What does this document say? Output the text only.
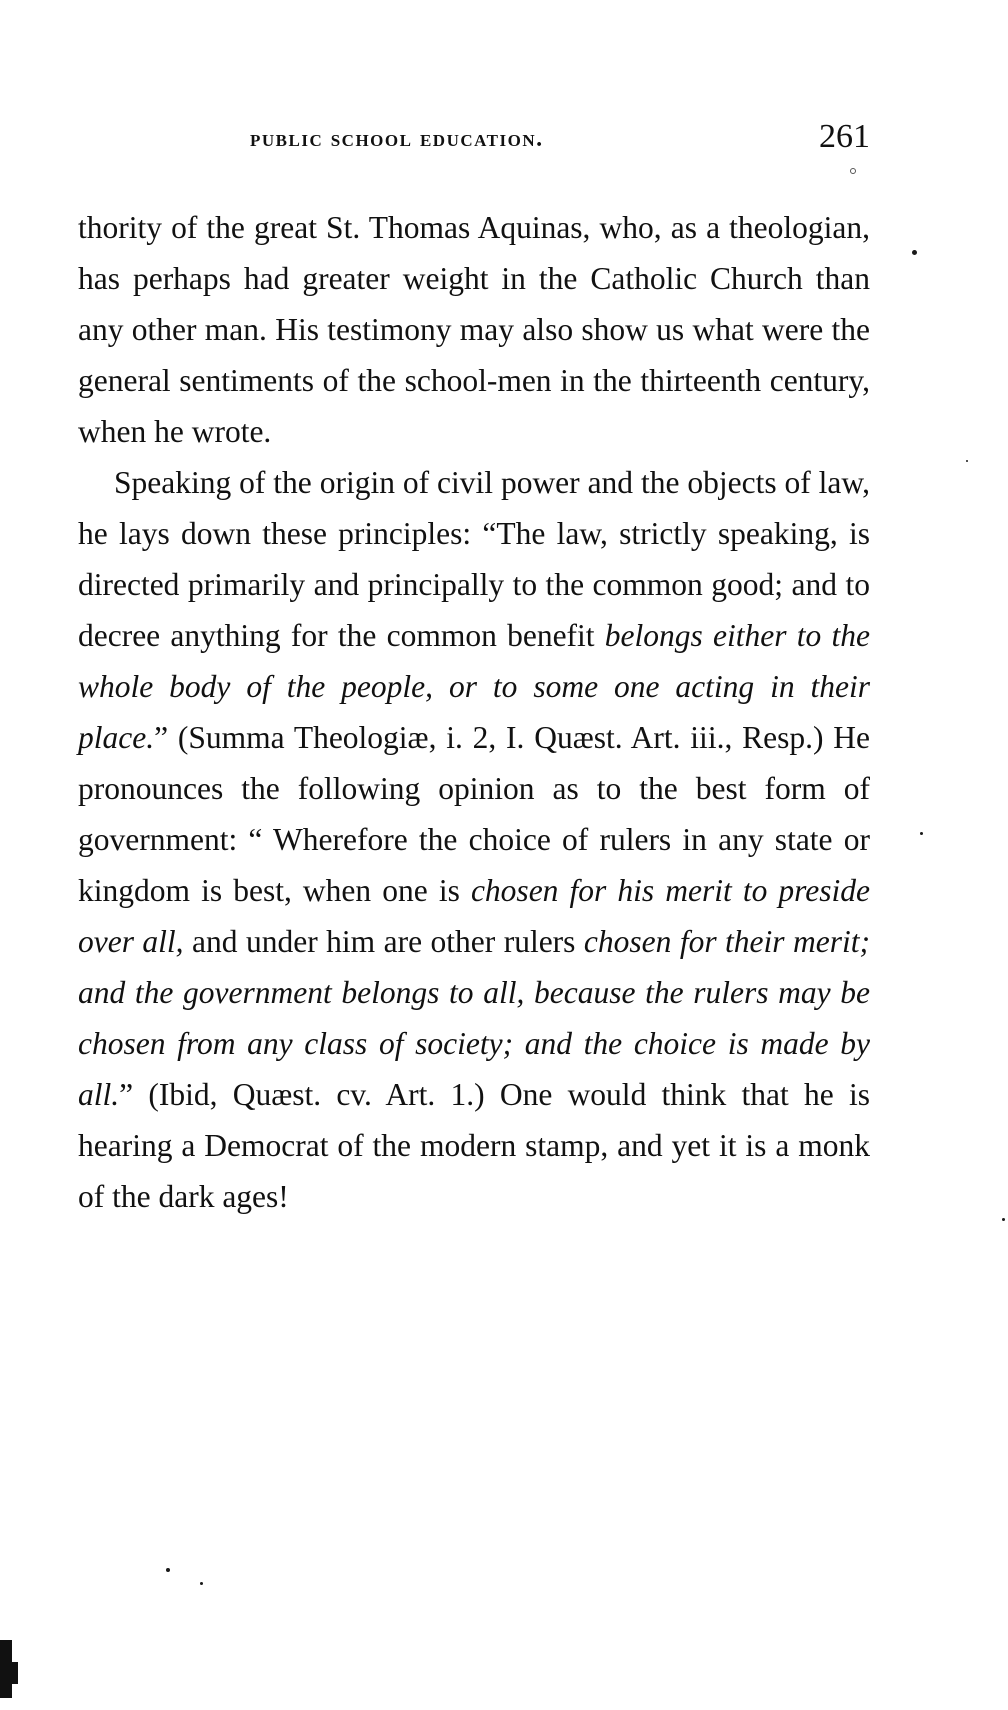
public school education.	261

thority of the great St. Thomas Aquinas, who, as a theologian, has perhaps had greater weight in the Catholic Church than any other man. His testimony may also show us what were the general sentiments of the school-men in the thirteenth century, when he wrote.

Speaking of the origin of civil power and the objects of law, he lays down these principles: “The law, strictly speaking, is directed primarily and principally to the common good; and to decree anything for the common benefit belongs either to the whole body of the people, or to some one acting in their place.” (Summa Theologiæ, i. 2, I. Quæst. Art. iii., Resp.) He pronounces the following opinion as to the best form of government: “ Wherefore the choice of rulers in any state or kingdom is best, when one is chosen for his merit to preside over all, and under him are other rulers chosen for their merit; and the government belongs to all, because the rulers may be chosen from any class of society; and the choice is made by all.” (Ibid, Quæst. cv. Art. 1.) One would think that he is hearing a Democrat of the modern stamp, and yet it is a monk of the dark ages!
